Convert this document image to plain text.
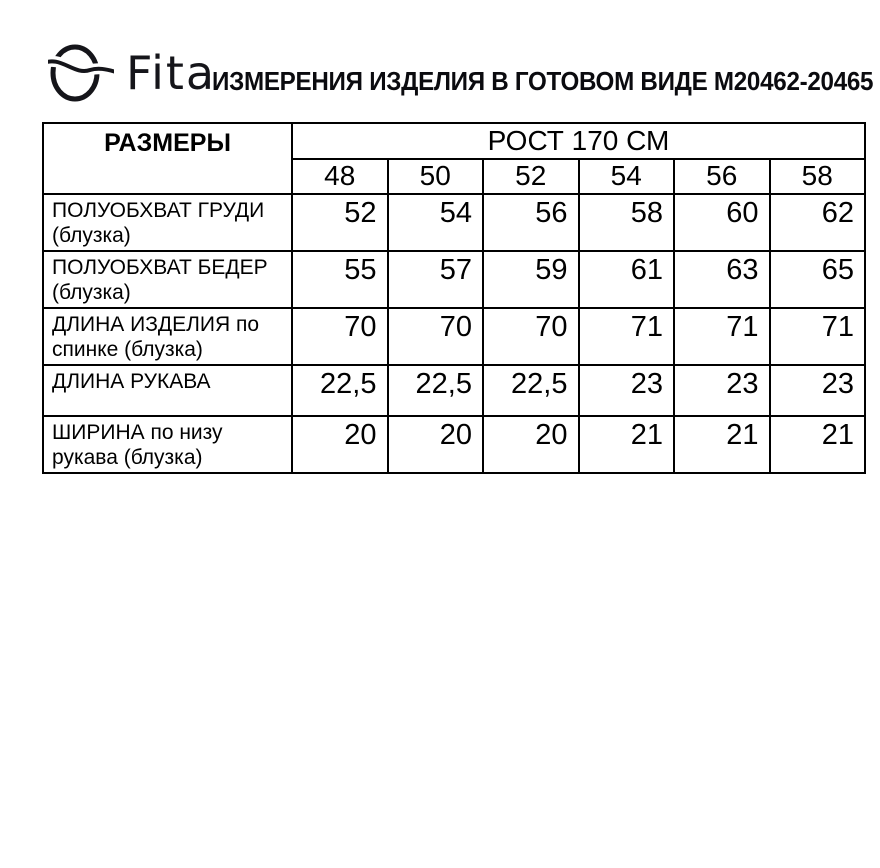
Fita
ИЗМЕРЕНИЯ ИЗДЕЛИЯ В ГОТОВОМ ВИДЕ М20462-20465
РАЗМЕРЫ	РОСТ 170 СМ					
	48	50	52	54	56	58
ПОЛУОБХВАТ ГРУДИ (блузка)	52	54	56	58	60	62
ПОЛУОБХВАТ БЕДЕР (блузка)	55	57	59	61	63	65
ДЛИНА ИЗДЕЛИЯ по спинке (блузка)	70	70	70	71	71	71
ДЛИНА РУКАВА	22,5	22,5	22,5	23	23	23
ШИРИНА по низу рукава (блузка)	20	20	20	21	21	21
